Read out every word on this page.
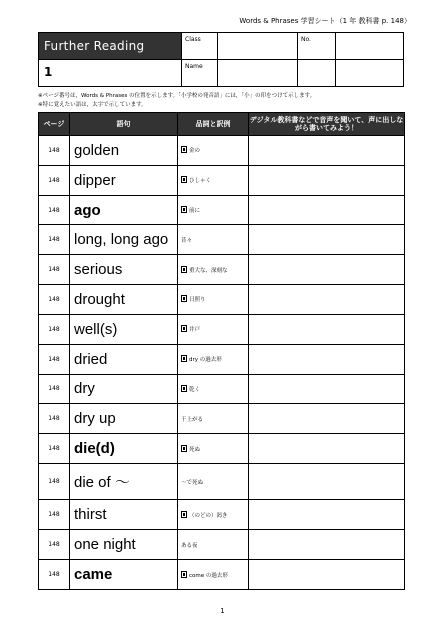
Words & Phrases 学習シート（1 年 教科書 p. 148）
Further Reading
1
Class	No.
Name
※ページ番号は，Words & Phrases の位置を示します。「小学校の発音語」には，「小」の印をつけて示します。
※特に覚えたい語は，太字で示しています。
ページ	語句	品詞と訳例	デジタル教科書などで音声を聞いて、声に出しながら書いてみよう！
148	golden	金の	
148	dipper	ひしゃく	
148	ago	前に	
148	long, long ago	昔々	
148	serious	重大な、深刻な	
148	drought	日照り	
148	well(s)	井戸	
148	dried	dry の過去形	
148	dry	乾く	
148	dry up	干上がる	
148	die(d)	死ぬ	
148	die of ～	～で死ぬ	
148	thirst	（のどの）渇き	
148	one night	ある夜	
148	came	come の過去形	
1
